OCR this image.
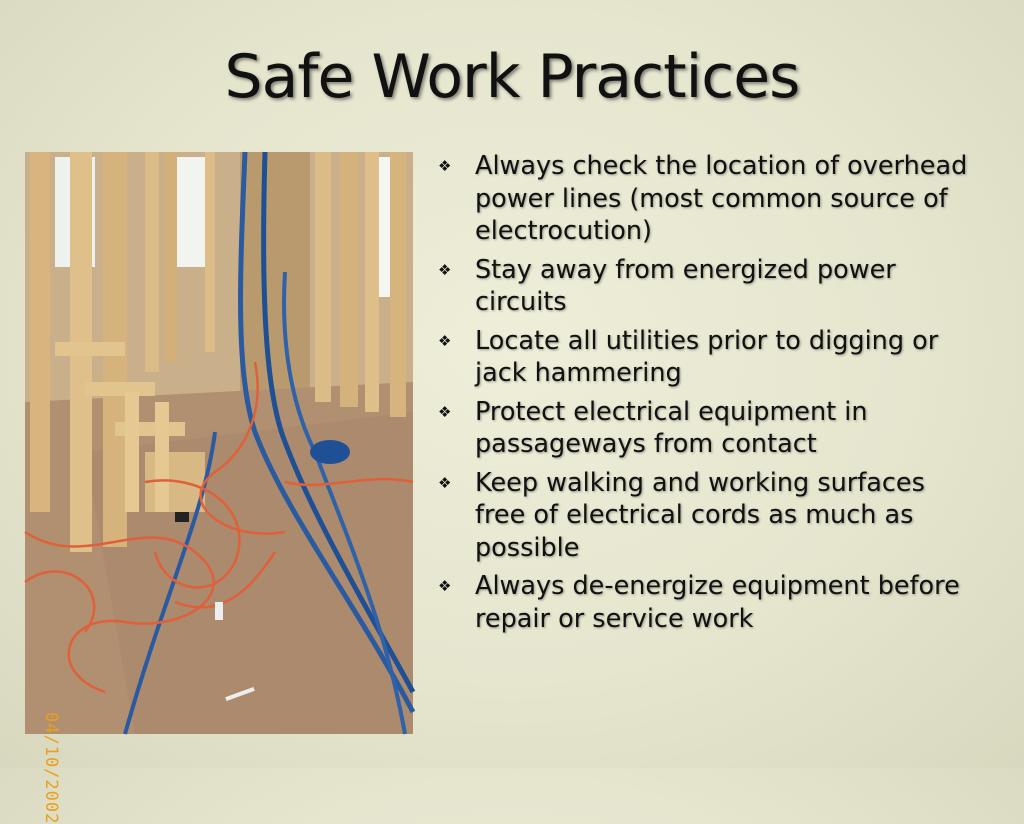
Safe Work Practices
04/10/2002
❖ Always check the location of overhead power lines (most common source of electrocution)
❖ Stay away from energized power circuits
❖ Locate all utilities prior to digging or jack hammering
❖ Protect electrical equipment in passageways from contact
❖ Keep walking and working surfaces free of electrical cords as much as possible
❖ Always de-energize equipment before repair or service work
